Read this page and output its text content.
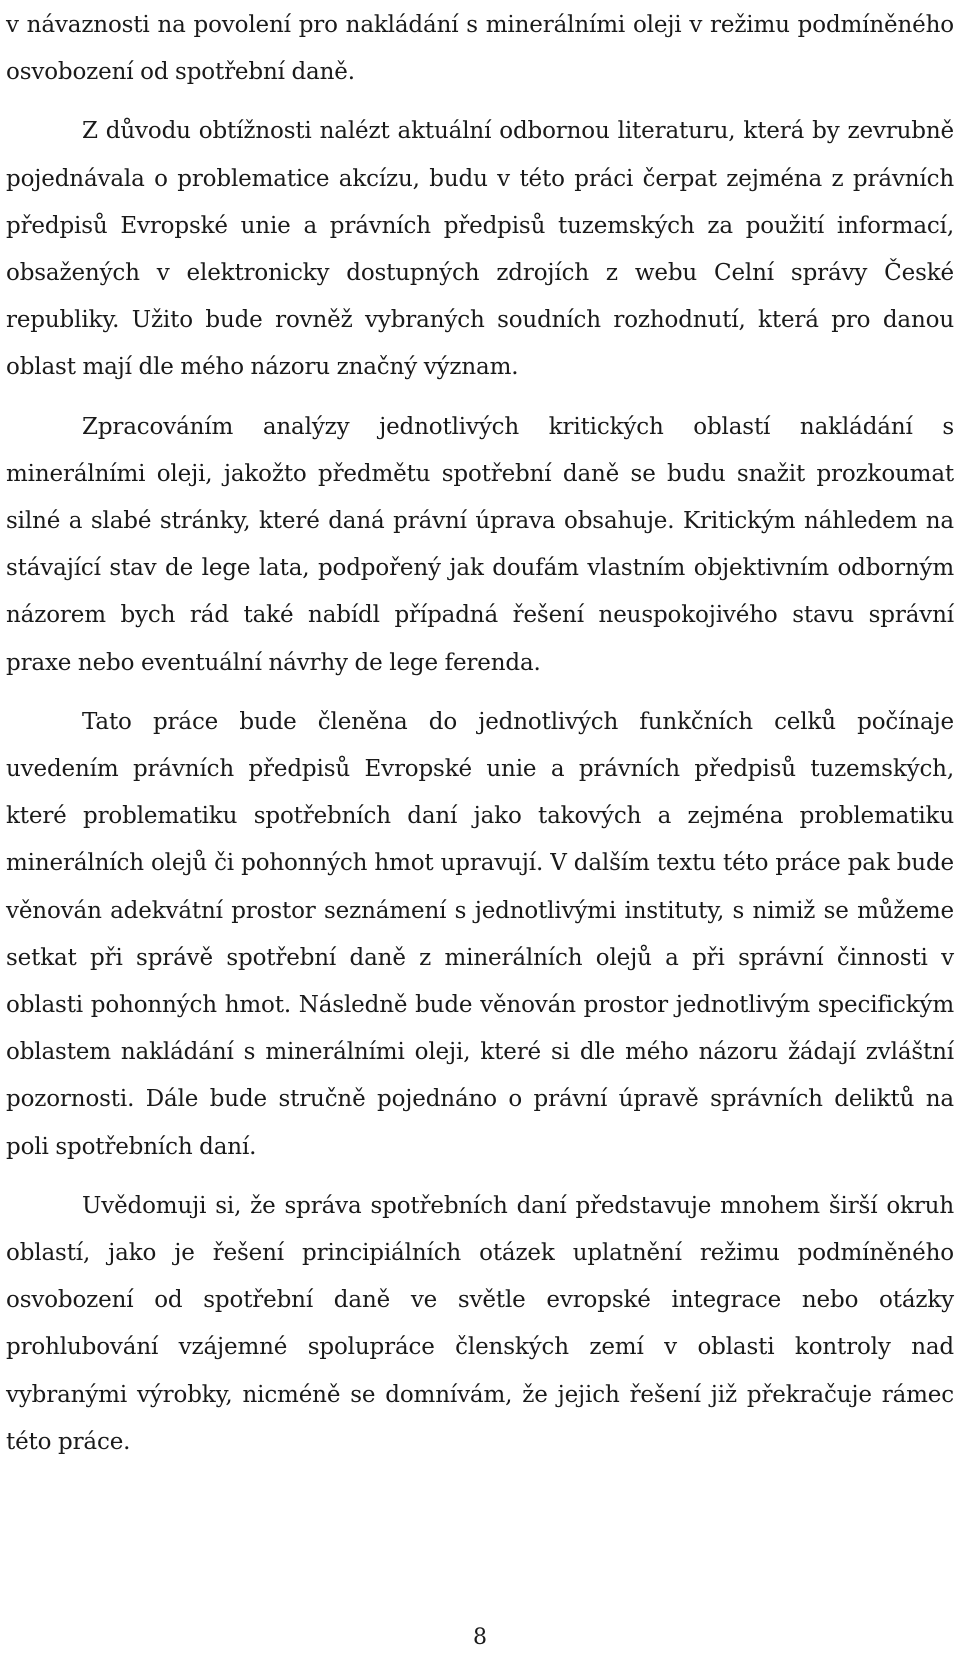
v návaznosti na povolení pro nakládání s minerálními oleji v režimu podmíněného osvobození od spotřební daně.

Z důvodu obtížnosti nalézt aktuální odbornou literaturu, která by zevrubně pojednávala o problematice akcízu, budu v této práci čerpat zejména z právních předpisů Evropské unie a právních předpisů tuzemských za použití informací, obsažených v elektronicky dostupných zdrojích z webu Celní správy České republiky. Užito bude rovněž vybraných soudních rozhodnutí, která pro danou oblast mají dle mého názoru značný význam.

Zpracováním analýzy jednotlivých kritických oblastí nakládání s minerálními oleji, jakožto předmětu spotřební daně se budu snažit prozkoumat silné a slabé stránky, které daná právní úprava obsahuje. Kritickým náhledem na stávající stav de lege lata, podpořený jak doufám vlastním objektivním odborným názorem bych rád také nabídl případná řešení neuspokojivého stavu správní praxe nebo eventuální návrhy de lege ferenda.

Tato práce bude členěna do jednotlivých funkčních celků počínaje uvedením právních předpisů Evropské unie a právních předpisů tuzemských, které problematiku spotřebních daní jako takových a zejména problematiku minerálních olejů či pohonných hmot upravují. V dalším textu této práce pak bude věnován adekvátní prostor seznámení s jednotlivými instituty, s nimiž se můžeme setkat při správě spotřební daně z minerálních olejů a při správní činnosti v oblasti pohonných hmot. Následně bude věnován prostor jednotlivým specifickým oblastem nakládání s minerálními oleji, které si dle mého názoru žádají zvláštní pozornosti. Dále bude stručně pojednáno o právní úpravě správních deliktů na poli spotřebních daní.

Uvědomuji si, že správa spotřebních daní představuje mnohem širší okruh oblastí, jako je řešení principiálních otázek uplatnění režimu podmíněného osvobození od spotřební daně ve světle evropské integrace nebo otázky prohlubování vzájemné spolupráce členských zemí v oblasti kontroly nad vybranými výrobky, nicméně se domnívám, že jejich řešení již překračuje rámec této práce.

8
